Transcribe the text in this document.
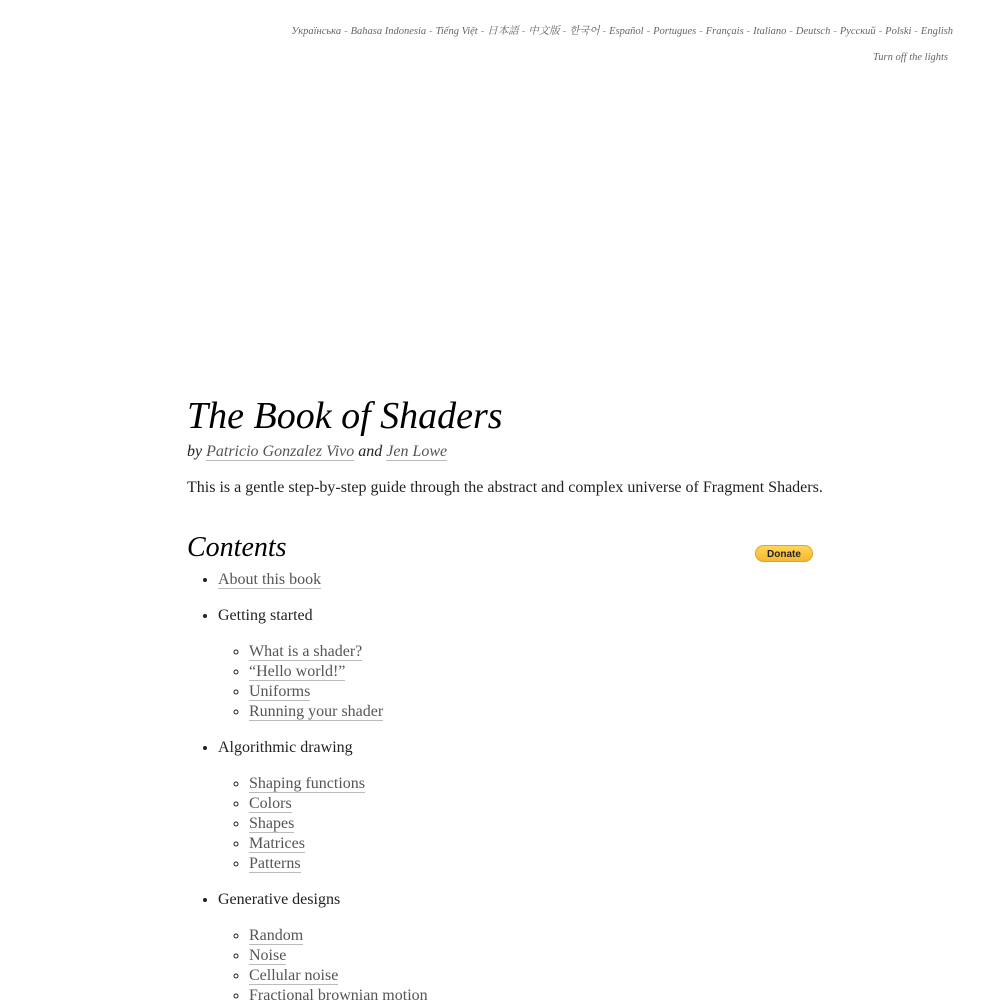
Українська - Bahasa Indonesia - Tiếng Việt - 日本語 - 中文版 - 한국어 - Español - Portugues - Français - Italiano - Deutsch - Русский - Polski - English
Turn off the lights
The Book of Shaders

by Patricio Gonzalez Vivo and Jen Lowe

This is a gentle step-by-step guide through the abstract and complex universe of Fragment Shaders.

Contents	Donate
• About this book
• Getting started
◦ What is a shader?
◦ “Hello world!”
◦ Uniforms
◦ Running your shader
• Algorithmic drawing
◦ Shaping functions
◦ Colors
◦ Shapes
◦ Matrices
◦ Patterns
• Generative designs
◦ Random
◦ Noise
◦ Cellular noise
◦ Fractional brownian motion
